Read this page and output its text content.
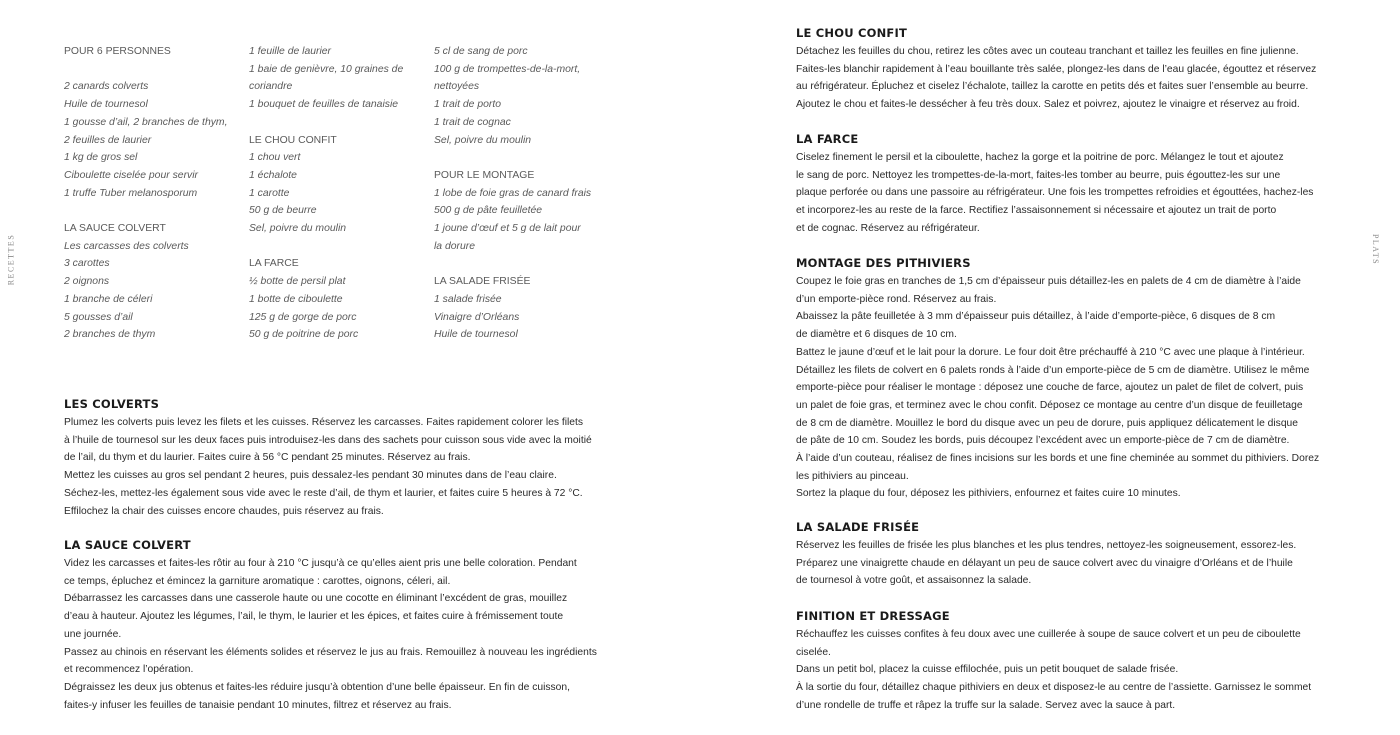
RECETTES	PLATS
POUR 6 PERSONNES
2 canards colverts
Huile de tournesol
1 gousse d’ail, 2 branches de thym,
2 feuilles de laurier
1 kg de gros sel
Ciboulette ciselée pour servir
1 truffe Tuber melanosporum
LA SAUCE COLVERT
Les carcasses des colverts
3 carottes
2 oignons
1 branche de céleri
5 gousses d’ail
2 branches de thym
1 feuille de laurier
1 baie de genièvre, 10 graines de
coriandre
1 bouquet de feuilles de tanaisie
LE CHOU CONFIT
1 chou vert
1 échalote
1 carotte
50 g de beurre
Sel, poivre du moulin
LA FARCE
½ botte de persil plat
1 botte de ciboulette
125 g de gorge de porc
50 g de poitrine de porc
5 cl de sang de porc
100 g de trompettes-de-la-mort,
nettoyées
1 trait de porto
1 trait de cognac
Sel, poivre du moulin
POUR LE MONTAGE
1 lobe de foie gras de canard frais
500 g de pâte feuilletée
1 joune d’œuf et 5 g de lait pour
la dorure
LA SALADE FRISÉE
1 salade frisée
Vinaigre d’Orléans
Huile de tournesol
LES COLVERTS

Plumez les colverts puis levez les filets et les cuisses. Réservez les carcasses. Faites rapidement colorer les filets

à l’huile de tournesol sur les deux faces puis introduisez-les dans des sachets pour cuisson sous vide avec la moitié

de l’ail, du thym et du laurier. Faites cuire à 56 °C pendant 25 minutes. Réservez au frais.

Mettez les cuisses au gros sel pendant 2 heures, puis dessalez-les pendant 30 minutes dans de l’eau claire.

Séchez-les, mettez-les également sous vide avec le reste d’ail, de thym et laurier, et faites cuire 5 heures à 72 °C.

Effilochez la chair des cuisses encore chaudes, puis réservez au frais.

LA SAUCE COLVERT

Videz les carcasses et faites-les rôtir au four à 210 °C jusqu’à ce qu’elles aient pris une belle coloration. Pendant

ce temps, épluchez et émincez la garniture aromatique : carottes, oignons, céleri, ail.

Débarrassez les carcasses dans une casserole haute ou une cocotte en éliminant l’excédent de gras, mouillez

d’eau à hauteur. Ajoutez les légumes, l’ail, le thym, le laurier et les épices, et faites cuire à frémissement toute

une journée.

Passez au chinois en réservant les éléments solides et réservez le jus au frais. Remouillez à nouveau les ingrédients

et recommencez l’opération.

Dégraissez les deux jus obtenus et faites-les réduire jusqu’à obtention d’une belle épaisseur. En fin de cuisson,

faites-y infuser les feuilles de tanaisie pendant 10 minutes, filtrez et réservez au frais.

LE CHOU CONFIT

Détachez les feuilles du chou, retirez les côtes avec un couteau tranchant et taillez les feuilles en fine julienne.

Faites-les blanchir rapidement à l’eau bouillante très salée, plongez-les dans de l’eau glacée, égouttez et réservez

au réfrigérateur. Épluchez et ciselez l’échalote, taillez la carotte en petits dés et faites suer l’ensemble au beurre.

Ajoutez le chou et faites-le dessécher à feu très doux. Salez et poivrez, ajoutez le vinaigre et réservez au froid.

LA FARCE

Ciselez finement le persil et la ciboulette, hachez la gorge et la poitrine de porc. Mélangez le tout et ajoutez

le sang de porc. Nettoyez les trompettes-de-la-mort, faites-les tomber au beurre, puis égouttez-les sur une

plaque perforée ou dans une passoire au réfrigérateur. Une fois les trompettes refroidies et égouttées, hachez-les

et incorporez-les au reste de la farce. Rectifiez l’assaisonnement si nécessaire et ajoutez un trait de porto

et de cognac. Réservez au réfrigérateur.

MONTAGE DES PITHIVIERS

Coupez le foie gras en tranches de 1,5 cm d’épaisseur puis détaillez-les en palets de 4 cm de diamètre à l’aide

d’un emporte-pièce rond. Réservez au frais.

Abaissez la pâte feuilletée à 3 mm d’épaisseur puis détaillez, à l’aide d’emporte-pièce, 6 disques de 8 cm

de diamètre et 6 disques de 10 cm.

Battez le jaune d’œuf et le lait pour la dorure. Le four doit être préchauffé à 210 °C avec une plaque à l’intérieur.

Détaillez les filets de colvert en 6 palets ronds à l’aide d’un emporte-pièce de 5 cm de diamètre. Utilisez le même

emporte-pièce pour réaliser le montage : déposez une couche de farce, ajoutez un palet de filet de colvert, puis

un palet de foie gras, et terminez avec le chou confit. Déposez ce montage au centre d’un disque de feuilletage

de 8 cm de diamètre. Mouillez le bord du disque avec un peu de dorure, puis appliquez délicatement le disque

de pâte de 10 cm. Soudez les bords, puis découpez l’excédent avec un emporte-pièce de 7 cm de diamètre.

À l’aide d’un couteau, réalisez de fines incisions sur les bords et une fine cheminée au sommet du pithiviers. Dorez

les pithiviers au pinceau.

Sortez la plaque du four, déposez les pithiviers, enfournez et faites cuire 10 minutes.

LA SALADE FRISÉE

Réservez les feuilles de frisée les plus blanches et les plus tendres, nettoyez-les soigneusement, essorez-les.

Préparez une vinaigrette chaude en délayant un peu de sauce colvert avec du vinaigre d’Orléans et de l’huile

de tournesol à votre goût, et assaisonnez la salade.

FINITION ET DRESSAGE

Réchauffez les cuisses confites à feu doux avec une cuillerée à soupe de sauce colvert et un peu de ciboulette

ciselée.

Dans un petit bol, placez la cuisse effilochée, puis un petit bouquet de salade frisée.

À la sortie du four, détaillez chaque pithiviers en deux et disposez-le au centre de l’assiette. Garnissez le sommet

d’une rondelle de truffe et râpez la truffe sur la salade. Servez avec la sauce à part.
